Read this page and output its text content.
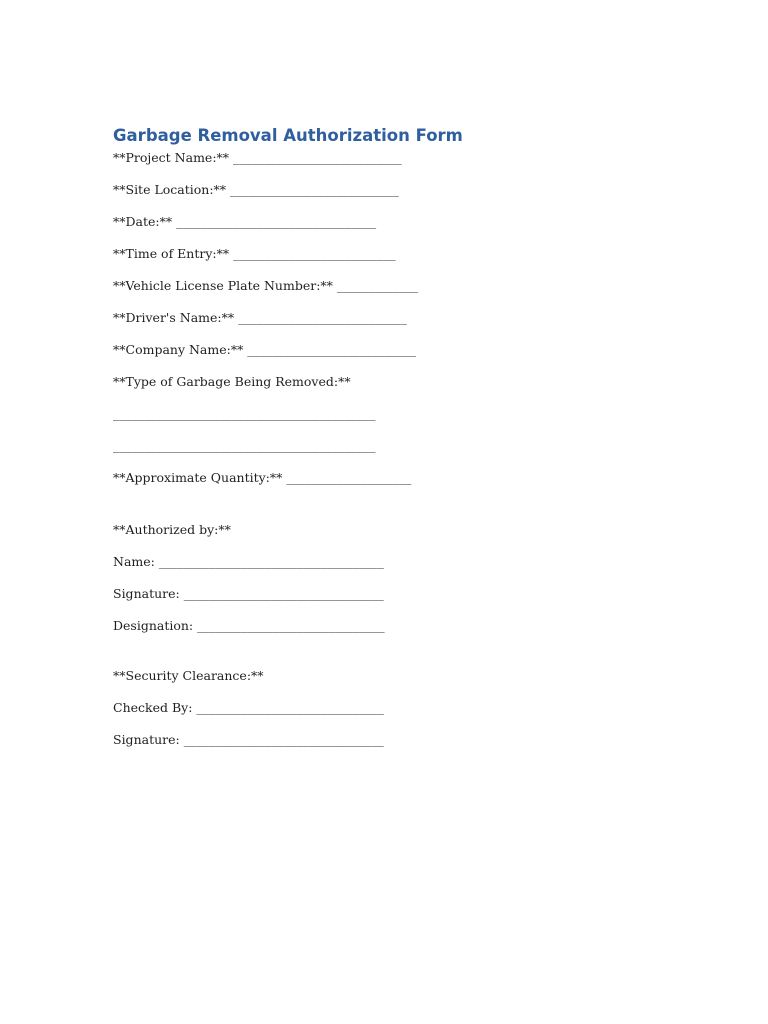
Garbage Removal Authorization Form
**Project Name:** ___________________________
**Site Location:** ___________________________
**Date:** ________________________________
**Time of Entry:** __________________________
**Vehicle License Plate Number:** _____________
**Driver's Name:** ___________________________
**Company Name:** ___________________________
**Type of Garbage Being Removed:**
__________________________________________
__________________________________________
**Approximate Quantity:** ____________________
**Authorized by:**
Name: ____________________________________
Signature: ________________________________
Designation: ______________________________
**Security Clearance:**
Checked By: ______________________________
Signature: ________________________________
